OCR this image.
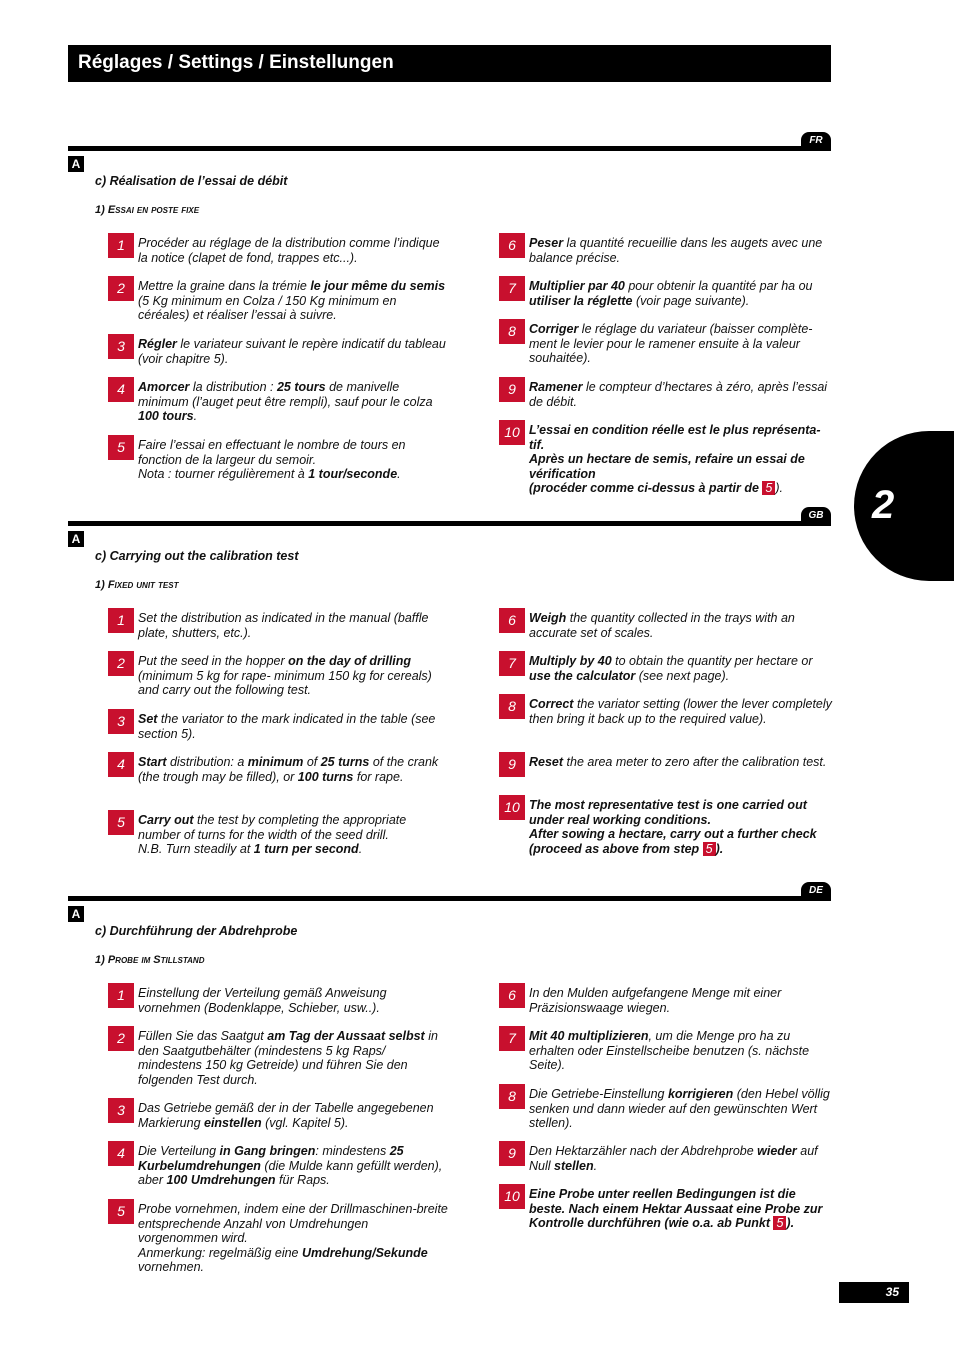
Réglages / Settings / Einstellungen
2
FR
A
c) Réalisation de l’essai de débit
1) Essai en poste fixe
1	Procéder au réglage de la distribution comme l’indique la notice (clapet de fond, trappes etc...).
2	Mettre la graine dans la trémie le jour même du semis (5 Kg minimum en Colza / 150 Kg minimum en céréales) et réaliser l’essai à suivre.
3	Régler le variateur suivant le repère indicatif du tableau (voir chapitre 5).
4	Amorcer la distribution : 25 tours de manivelle minimum (l’auget peut être rempli), sauf pour le colza 100 tours.
5	Faire l’essai en effectuant le nombre de tours en fonction de la largeur du semoir.
Nota : tourner régulièrement à 1 tour/seconde.
6	Peser la quantité recueillie dans les augets avec une balance précise.
7	Multiplier par 40 pour obtenir la quantité par ha ou utiliser la réglette (voir page suivante).
8	Corriger le réglage du variateur (baisser complète-ment le levier pour le ramener ensuite à la valeur souhaitée).
9	Ramener le compteur d’hectares à zéro, après l’essai de débit.
10 L’essai en condition réelle est le plus représenta-tif.
Après un hectare de semis, refaire un essai de vérification
(procéder comme ci-dessus à partir de 5 ).
GB
A
c) Carrying out the calibration test
1) Fixed unit test
1	Set the distribution as indicated in the manual (baffle plate, shutters, etc.).
2	Put the seed in the hopper on the day of drilling (minimum 5 kg for rape- minimum 150 kg for cereals) and carry out the following test.
3	Set the variator to the mark indicated in the table (see section 5).
4	Start distribution: a minimum of 25 turns of the crank (the trough may be filled), or 100 turns for rape.
5	Carry out the test by completing the appropriate number of turns for the width of the seed drill.
N.B. Turn steadily at 1 turn per second.
6	Weigh the quantity collected in the trays with an accurate set of scales.
7	Multiply by 40 to obtain the quantity per hectare or use the calculator (see next page).
8	Correct the variator setting (lower the lever completely then bring it back up to the required value).
9	Reset the area meter to zero after the calibration test.
10 The most representative test is one carried out under real working conditions.
After sowing a hectare, carry out a further check (proceed as above from step 5 ).
DE
A
c) Durchführung der Abdrehprobe
1) Probe im Stillstand
1	Einstellung der Verteilung gemäß Anweisung vornehmen (Bodenklappe, Schieber, usw..).
2	Füllen Sie das Saatgut am Tag der Aussaat selbst in den Saatgutbehälter (mindestens 5 kg Raps/ mindestens 150 kg Getreide) und führen Sie den folgenden Test durch.
3	Das Getriebe gemäß der in der Tabelle angegebenen Markierung einstellen (vgl. Kapitel 5).
4	Die Verteilung in Gang bringen: mindestens 25 Kurbelumdrehungen (die Mulde kann gefüllt werden), aber 100 Umdrehungen für Raps.
5	Probe vornehmen, indem eine der Drillmaschinen-breite entsprechende Anzahl von Umdrehungen vorgenommen wird.
Anmerkung: regelmäßig eine Umdrehung/Sekunde vornehmen.
6	In den Mulden aufgefangene Menge mit einer Präzisionswaage wiegen.
7	Mit 40 multiplizieren, um die Menge pro ha zu erhalten oder Einstellscheibe benutzen (s. nächste Seite).
8	Die Getriebe-Einstellung korrigieren (den Hebel völlig senken und dann wieder auf den gewünschten Wert stellen).
9	Den Hektarzähler nach der Abdrehprobe wieder auf Null stellen.
10 Eine Probe unter reellen Bedingungen ist die beste. Nach einem Hektar Aussaat eine Probe zur Kontrolle durchführen (wie o.a. ab Punkt 5 ).
35
